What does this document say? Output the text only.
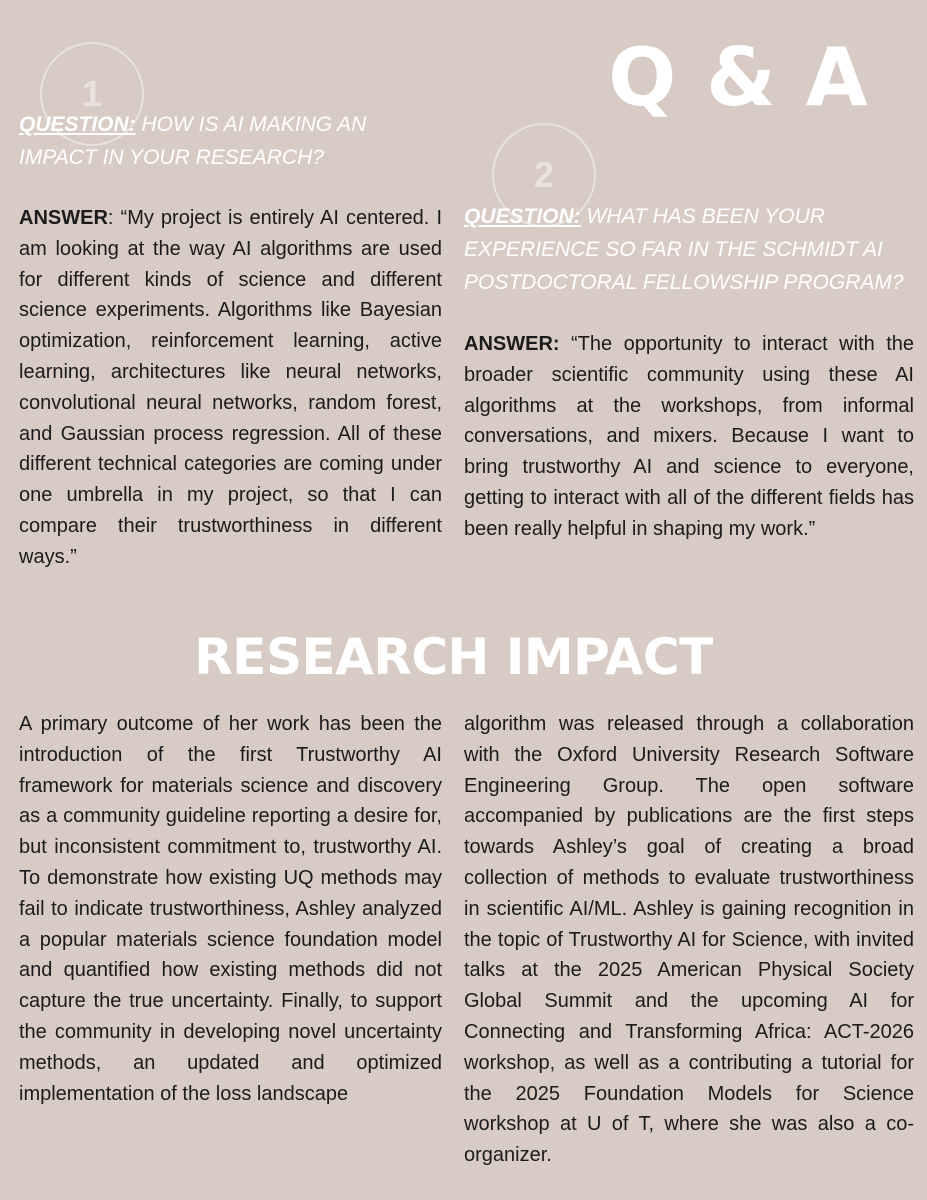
Q & A
1
2

QUESTION: HOW IS AI MAKING AN IMPACT IN YOUR RESEARCH?

ANSWER: “My project is entirely AI centered. I am looking at the way AI algorithms are used for different kinds of science and different science experiments. Algorithms like Bayesian optimization, reinforcement learning, active learning, architectures like neural networks, convolutional neural networks, random forest, and Gaussian process regression. All of these different technical categories are coming under one umbrella in my project, so that I can compare their trustworthiness in different ways.”

QUESTION: WHAT HAS BEEN YOUR EXPERIENCE SO FAR IN THE SCHMIDT AI POSTDOCTORAL FELLOWSHIP PROGRAM?

ANSWER: “The opportunity to interact with the broader scientific community using these AI algorithms at the workshops, from informal conversations, and mixers. Because I want to bring trustworthy AI and science to everyone, getting to interact with all of the different fields has been really helpful in shaping my work.”

RESEARCH IMPACT

A primary outcome of her work has been the introduction of the first Trustworthy AI framework for materials science and discovery as a community guideline reporting a desire for, but inconsistent commitment to, trustworthy AI. To demonstrate how existing UQ methods may fail to indicate trustworthiness, Ashley analyzed a popular materials science foundation model and quantified how existing methods did not capture the true uncertainty. Finally, to support the community in developing novel uncertainty methods, an updated and optimized implementation of the loss landscape

algorithm was released through a collaboration with the Oxford University Research Software Engineering Group. The open software accompanied by publications are the first steps towards Ashley’s goal of creating a broad collection of methods to evaluate trustworthiness in scientific AI/ML. Ashley is gaining recognition in the topic of Trustworthy AI for Science, with invited talks at the 2025 American Physical Society Global Summit and the upcoming AI for Connecting and Transforming Africa: ACT-2026 workshop, as well as a contributing a tutorial for the 2025 Foundation Models for Science workshop at U of T, where she was also a co-organizer.
